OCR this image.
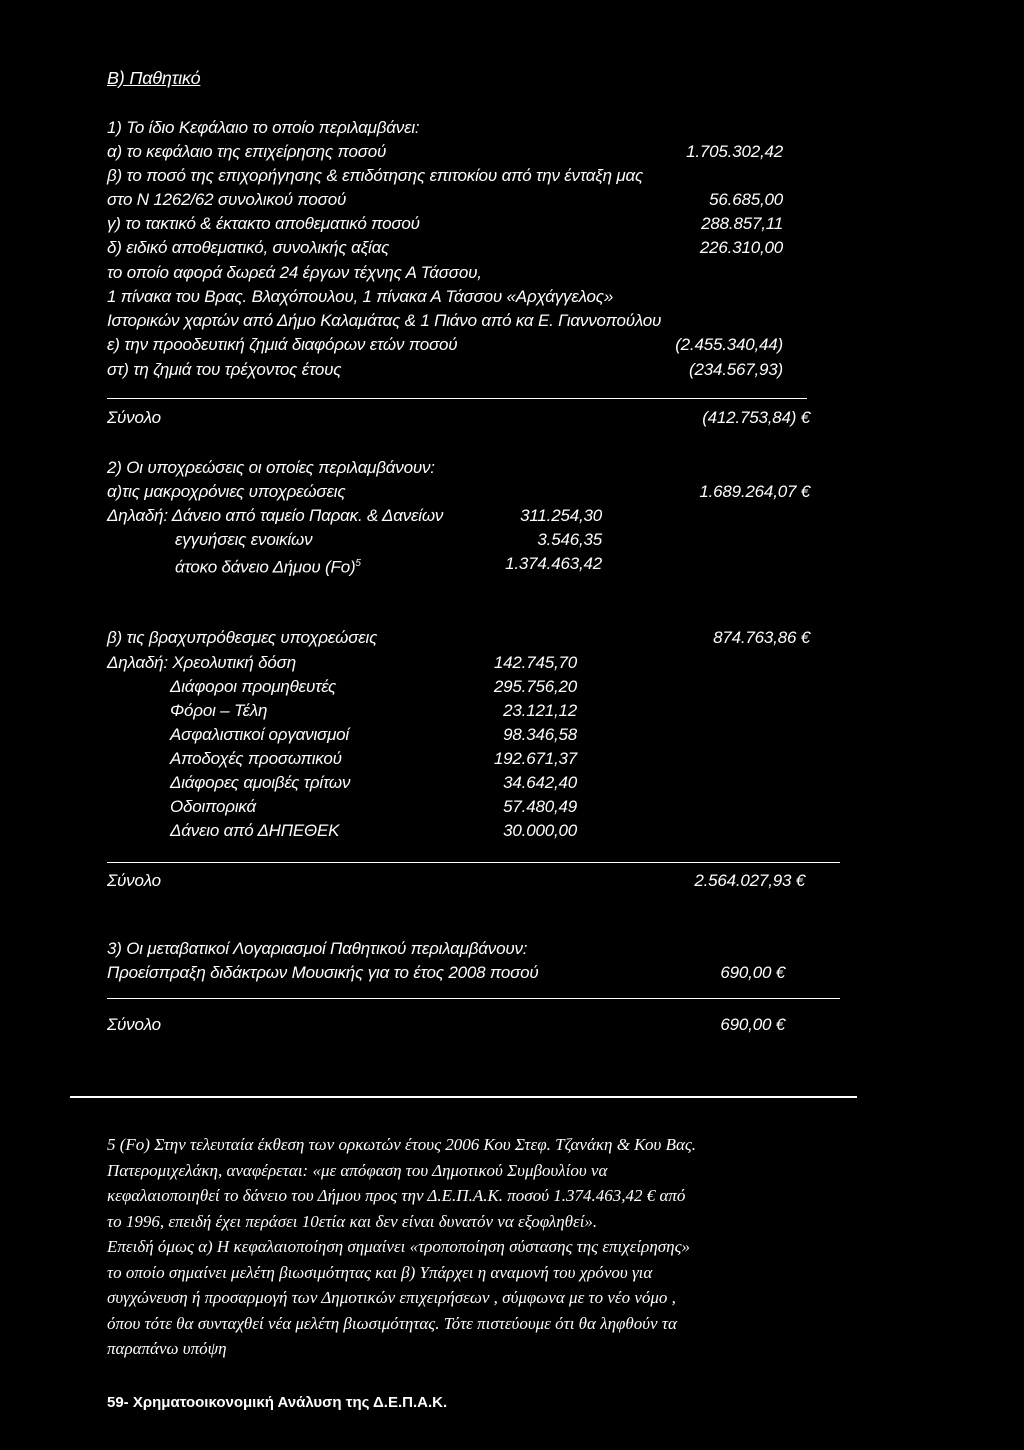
Β) Παθητικό
1) Το ίδιο Κεφάλαιο το οποίο περιλαμβάνει:
α) το κεφάλαιο της επιχείρησης ποσού	1.705.302,42
β) το ποσό της επιχορήγησης & επιδότησης επιτοκίου από την ένταξη μας
στο Ν 1262/62 συνολικού ποσού	56.685,00
γ) το τακτικό & έκτακτο αποθεματικό ποσού	288.857,11
δ) ειδικό αποθεματικό, συνολικής αξίας	226.310,00
το οποίο αφορά δωρεά 24 έργων τέχνης Α Τάσσου,
1 πίνακα του Βρας. Βλαχόπουλου, 1 πίνακα Α Τάσσου «Αρχάγγελος»
Ιστορικών χαρτών από Δήμο Καλαμάτας & 1 Πιάνο από κα Ε. Γιαννοπούλου
ε) την προοδευτική ζημιά διαφόρων ετών ποσού	(2.455.340,44)
στ) τη ζημιά του τρέχοντος έτους	(234.567,93)
Σύνολο	(412.753,84) €
2) Οι υποχρεώσεις οι οποίες περιλαμβάνουν:
α)τις μακροχρόνιες υποχρεώσεις	1.689.264,07 €
Δηλαδή: Δάνειο από ταμείο Παρακ. & Δανείων	311.254,30
εγγυήσεις ενοικίων	3.546,35
άτοκο δάνειο Δήμου $(Fo)^5$	1.374.463,42
β) τις βραχυπρόθεσμες υποχρεώσεις	874.763,86 €
Δηλαδή: Χρεολυτική δόση	142.745,70
Διάφοροι προμηθευτές	295.756,20
Φόροι – Τέλη	23.121,12
Ασφαλιστικοί οργανισμοί	98.346,58
Αποδοχές προσωπικού	192.671,37
Διάφορες αμοιβές τρίτων	34.642,40
Οδοιπορικά	57.480,49
Δάνειο από ΔΗΠΕΘΕΚ	30.000,00
Σύνολο	2.564.027,93 €
3) Οι μεταβατικοί Λογαριασμοί Παθητικού περιλαμβάνουν:
Προείσπραξη διδάκτρων Μουσικής για το έτος 2008 ποσού	690,00 €
Σύνολο	690,00 €
5 (Fo) Στην τελευταία έκθεση των ορκωτών έτους 2006 Κου Στεφ. Τζανάκη & Κου Βας.
Πατερομιχελάκη, αναφέρεται: «με απόφαση του Δημοτικού Συμβουλίου να
κεφαλαιοποιηθεί το δάνειο του Δήμου προς την Δ.Ε.Π.Α.Κ. ποσού 1.374.463,42 € από
το 1996, επειδή έχει περάσει 10ετία και δεν είναι δυνατόν να εξοφληθεί».
Επειδή όμως α) Η κεφαλαιοποίηση σημαίνει «τροποποίηση σύστασης της επιχείρησης»
το οποίο σημαίνει μελέτη βιωσιμότητας και β) Υπάρχει η αναμονή του χρόνου για
συγχώνευση ή προσαρμογή των Δημοτικών επιχειρήσεων , σύμφωνα με το νέο νόμο ,
όπου τότε θα συνταχθεί νέα μελέτη βιωσιμότητας. Τότε πιστεύουμε ότι θα ληφθούν τα
παραπάνω υπόψη
59- Χρηματοοικονομική Ανάλυση της Δ.Ε.Π.Α.Κ.
